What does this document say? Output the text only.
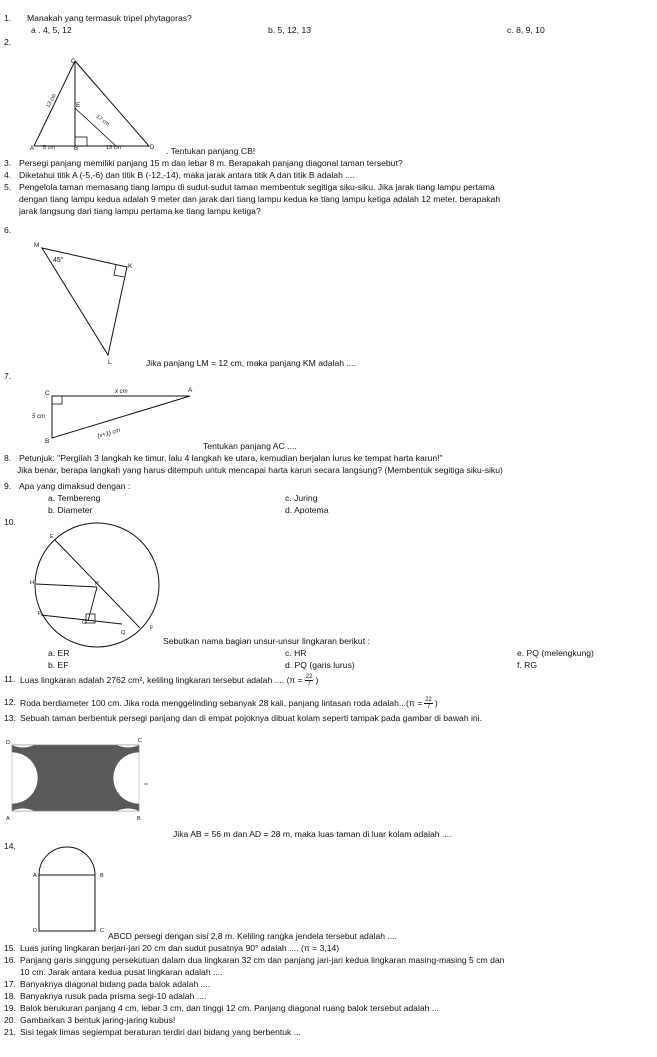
1. Manakah yang termasuk tripel phytagoras?
a . 4, 5, 12	b. 5, 12, 13	c. 8, 9, 10
2.
C
E
A	B	D
13 cm
17 cm
5 cm	13 cm	. Tentukan panjang CB!
3. Persegi panjang memiliki panjang 15 m dan lebar 8 m. Berapakah panjang diagonal taman tersebut?
4. Diketahui titik A (-5,-6) dan titik B (-12,-14), maka jarak antara titik A dan titik B adalah ....
5. Pengelola taman memasang tiang lampu di sudut-sudut taman membentuk segitiga siku-siku. Jika jarak tiang lampu pertama
dengan tiang lampu kedua adalah 9 meter dan jarak dari tiang lampu kedua ke tiang lampu ketiga adalah 12 meter, berapakah
jarak langsung dari tiang lampu pertama ke tiang lampu ketiga?
6.
M
K
L
45°
Jika panjang LM = 12 cm, maka panjang KM adalah ....
7.
C	A
B
x cm
5 cm
(x+1) cm
Tentukan panjang AC ....
8. Petunjuk: "Pergilah 3 langkah ke timur, lalu 4 langkah ke utara, kemudian berjalan lurus ke tempat harta karun!"
Jika benar, berapa langkah yang harus ditempuh untuk mencapai harta karun secara langsung? (Membentuk segitiga siku-siku)
9. Apa yang dimaksud dengan :
a. Tembereng	c. Juring
b. Diameter	d. Apotema
10.
E
H	R
P
G
Q
F
Sebutkan nama bagian unsur-unsur lingkaran berikut :
a. ER	c. HR	e. PQ (melengkung)
b. EF	d. PQ (garis lurus)	f. RG
11. Luas lingkaran adalah 2762 cm², keliling lingkaran tersebut adalah .... ($\pi = \frac{22}{7}$ )
12. Roda berdiameter 100 cm. Jika roda menggelinding sebanyak 28 kali, panjang lintasan roda adalah...(π = $\frac{22}{7}$ )
13. Sebuah taman berbentuk persegi panjang dan di empat pojoknya dibuat kolam seperti tampak pada gambar di bawah ini.
D	C
A	B
Jika AB = 56 m dan AD = 28 m, maka luas taman di luar kolam adalah ....
14.
A	B
C
D	ABCD persegi dengan sisi 2,8 m. Keliling rangka jendela tersebut adalah ....
15. Luas juring lingkaran berjari-jari 20 cm dan sudut pusatnya 90° adalah .... (π = 3,14)
16. Panjang garis singgung persekutuan dalam dua lingkaran 32 cm dan panjang jari-jari kedua lingkaran masing-masing 5 cm dan
10 cm. Jarak antara kedua pusat lingkaran adalah ....
17. Banyaknya diagonal bidang pada balok adalah ....
18. Banyaknya rusuk pada prisma segi-10 adalah ....
19. Balok berukuran panjang 4 cm, lebar 3 cm, dan tinggi 12 cm. Panjang diagonal ruang balok tersebut adalah ...
20. Gambarkan 3 bentuk jaring-jaring kubus!
21. Sisi tegak limas segiempat beraturan terdiri dari bidang yang berbentuk ...
